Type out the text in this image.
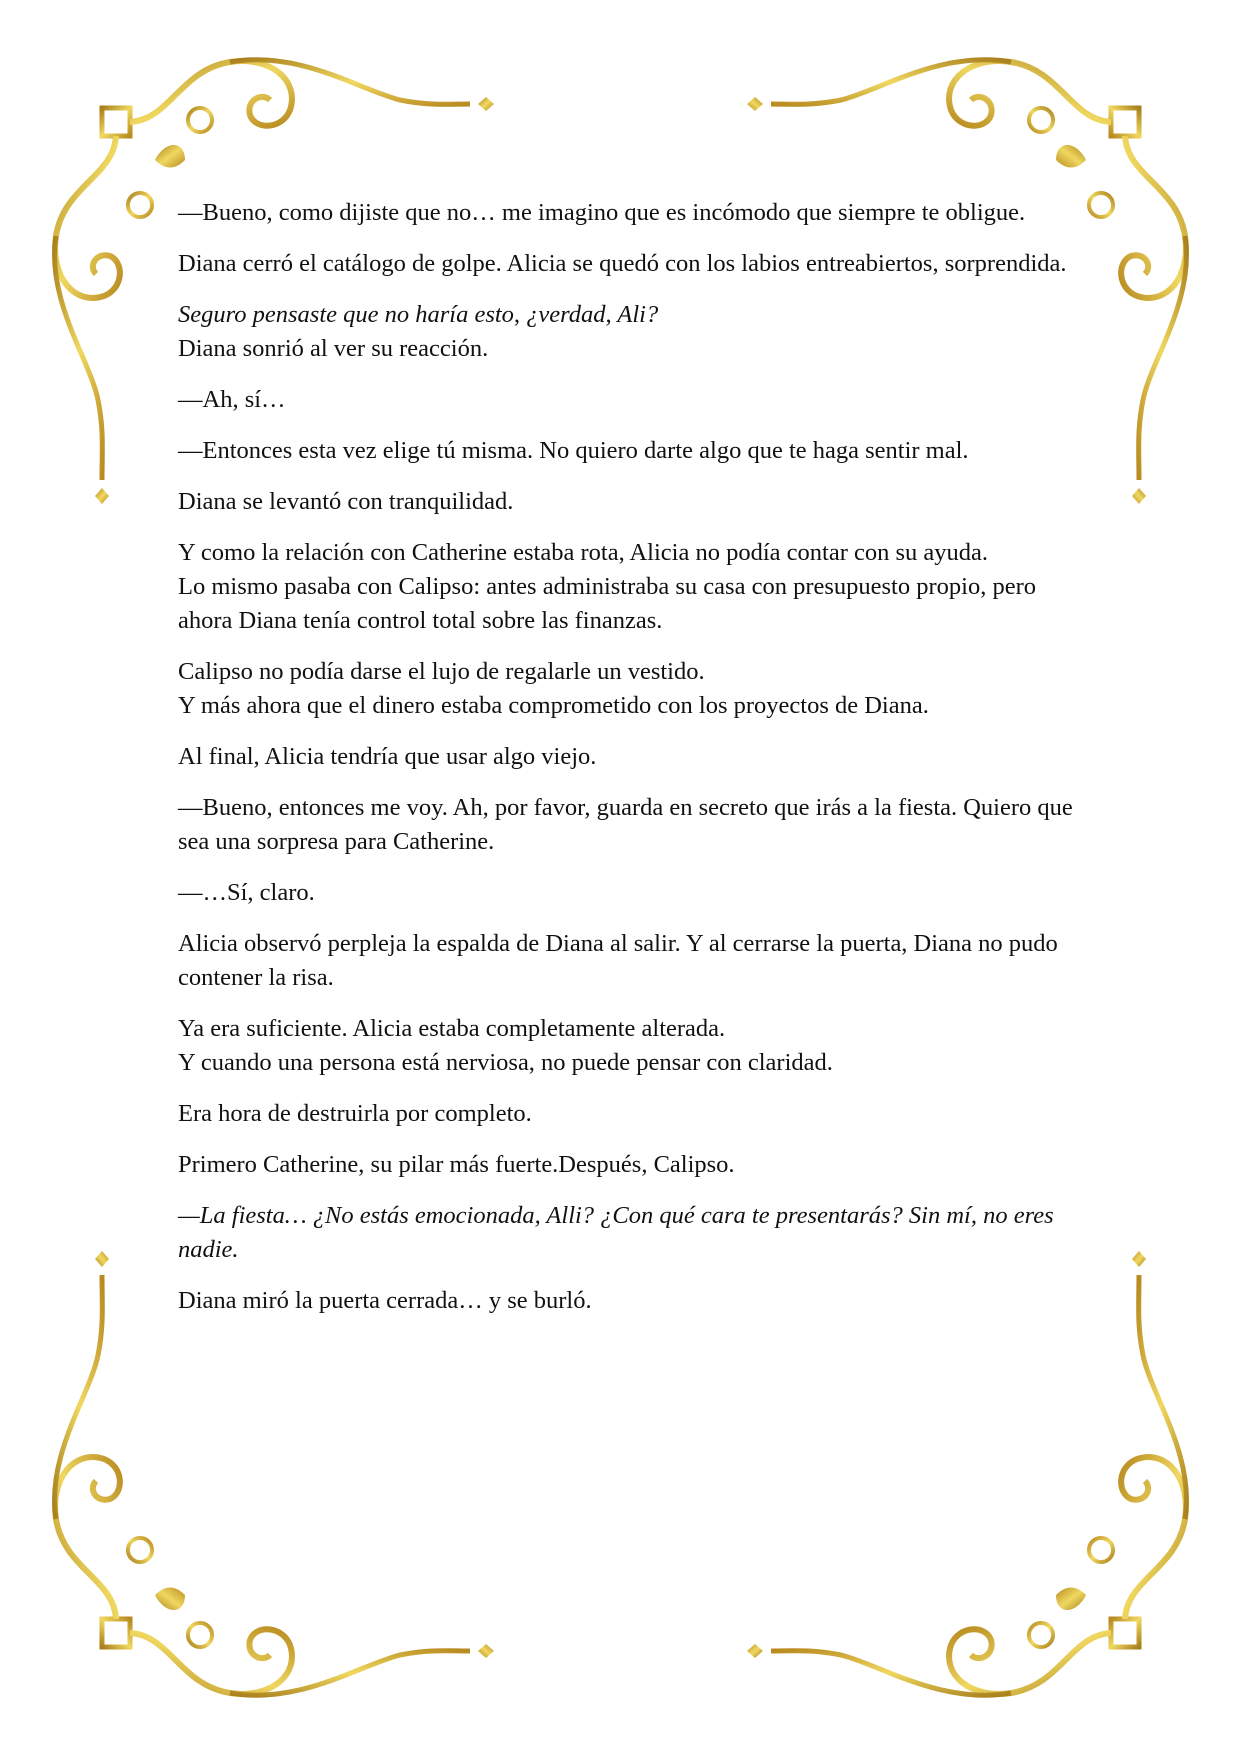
—Bueno, como dijiste que no… me imagino que es incómodo que siempre te obligue.

Diana cerró el catálogo de golpe. Alicia se quedó con los labios entreabiertos, sorprendida.

Seguro pensaste que no haría esto, ¿verdad, Ali?
Diana sonrió al ver su reacción.

—Ah, sí…

—Entonces esta vez elige tú misma. No quiero darte algo que te haga sentir mal.

Diana se levantó con tranquilidad.

Y como la relación con Catherine estaba rota, Alicia no podía contar con su ayuda.
Lo mismo pasaba con Calipso: antes administraba su casa con presupuesto propio, pero ahora Diana tenía control total sobre las finanzas.

Calipso no podía darse el lujo de regalarle un vestido.
Y más ahora que el dinero estaba comprometido con los proyectos de Diana.

Al final, Alicia tendría que usar algo viejo.

—Bueno, entonces me voy. Ah, por favor, guarda en secreto que irás a la fiesta. Quiero que sea una sorpresa para Catherine.

—…Sí, claro.

Alicia observó perpleja la espalda de Diana al salir. Y al cerrarse la puerta, Diana no pudo contener la risa.

Ya era suficiente. Alicia estaba completamente alterada.
Y cuando una persona está nerviosa, no puede pensar con claridad.

Era hora de destruirla por completo.

Primero Catherine, su pilar más fuerte.Después, Calipso.

—La fiesta… ¿No estás emocionada, Alli? ¿Con qué cara te presentarás? Sin mí, no eres nadie.

Diana miró la puerta cerrada… y se burló.
